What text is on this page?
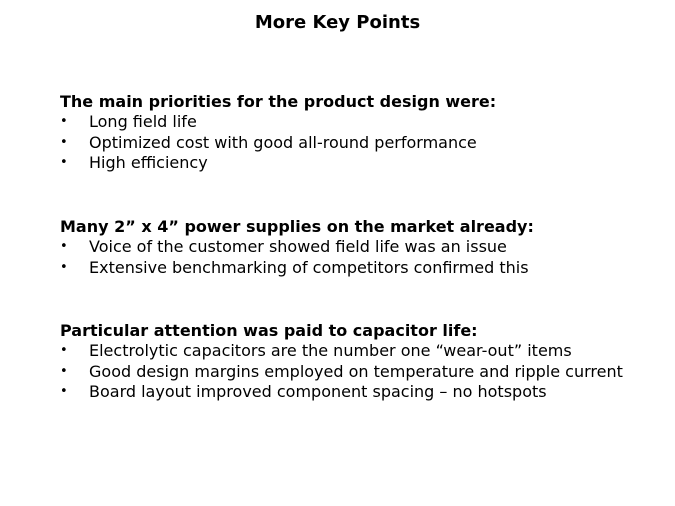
More Key Points

The main priorities for the product design were:

• Long field life
• Optimized cost with good all-round performance
• High efficiency

Many 2” x 4” power supplies on the market already:

• Voice of the customer showed field life was an issue
• Extensive benchmarking of competitors confirmed this

Particular attention was paid to capacitor life:

• Electrolytic capacitors are the number one “wear-out” items
• Good design margins employed on temperature and ripple current
• Board layout improved component spacing – no hotspots
